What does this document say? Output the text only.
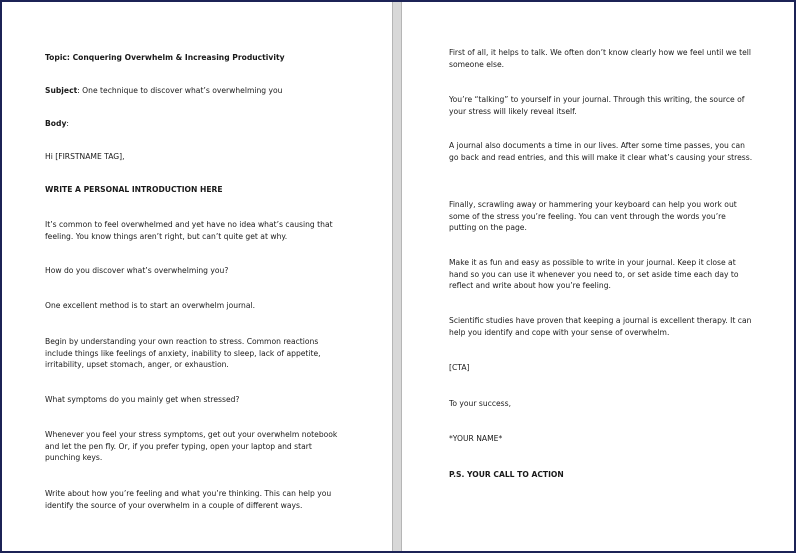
Topic: Conquering Overwhelm & Increasing Productivity

Subject: One technique to discover what’s overwhelming you

Body:

Hi [FIRSTNAME TAG],

WRITE A PERSONAL INTRODUCTION HERE

It’s common to feel overwhelmed and yet have no idea what’s causing that feeling. You know things aren’t right, but can’t quite get at why.

How do you discover what’s overwhelming you?

One excellent method is to start an overwhelm journal.

Begin by understanding your own reaction to stress. Common reactions include things like feelings of anxiety, inability to sleep, lack of appetite, irritability, upset stomach, anger, or exhaustion.

What symptoms do you mainly get when stressed?

Whenever you feel your stress symptoms, get out your overwhelm notebook and let the pen fly. Or, if you prefer typing, open your laptop and start punching keys.

Write about how you’re feeling and what you’re thinking. This can help you identify the source of your overwhelm in a couple of different ways.

First of all, it helps to talk. We often don’t know clearly how we feel until we tell someone else.

You’re “talking” to yourself in your journal. Through this writing, the source of your stress will likely reveal itself.

A journal also documents a time in our lives. After some time passes, you can go back and read entries, and this will make it clear what’s causing your stress.

Finally, scrawling away or hammering your keyboard can help you work out some of the stress you’re feeling. You can vent through the words you’re putting on the page.

Make it as fun and easy as possible to write in your journal. Keep it close at hand so you can use it whenever you need to, or set aside time each day to reflect and write about how you’re feeling.

Scientific studies have proven that keeping a journal is excellent therapy. It can help you identify and cope with your sense of overwhelm.

[CTA]

To your success,

*YOUR NAME*

P.S. YOUR CALL TO ACTION
